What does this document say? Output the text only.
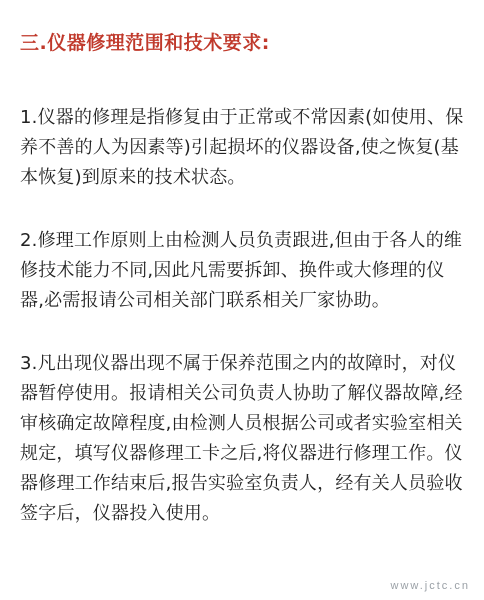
三.仪器修理范围和技术要求:

1.仪器的修理是指修复由于正常或不常因素(如使用、保养不善的人为因素等)引起损坏的仪器设备,使之恢复(基本恢复)到原来的技术状态。

2.修理工作原则上由检测人员负责跟进,但由于各人的维修技术能力不同,因此凡需要拆卸、换件或大修理的仪器,必需报请公司相关部门联系相关厂家协助。

3.凡出现仪器出现不属于保养范围之内的故障时，对仪器暂停使用。报请相关公司负责人协助了解仪器故障,经审核确定故障程度,由检测人员根据公司或者实验室相关规定，填写仪器修理工卡之后,将仪器进行修理工作。仪器修理工作结束后,报告实验室负责人，经有关人员验收签字后，仪器投入使用。

www.jctc.cn
